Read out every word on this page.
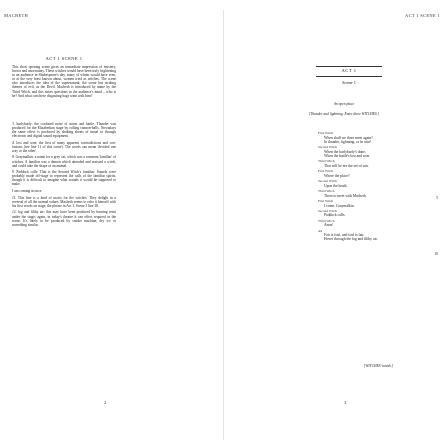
MACBETH
ACT 1 SCENE 1

This short opening scene gives an immediate impression of mystery, horror and uncertainty. These witches would have been truly frightening to an audience in Shakespeare's day, many of whom would have seen, or at the very least known about, women tried as witches. The scene also introduces the idea of the supernatural; the scene has striking themes of evil, as the Devil. Macbeth is introduced by name by the Third Witch, and this raises questions in the audience's mind – who is he? And what can these disgusting hags want with him?

3. hurlyburly: the confused noise of storm and battle. Thunder was produced for the Elizabethan stage by rolling cannon-balls. Nowadays the same effect is produced by shaking sheets of metal or through electronic and digital sound equipment.

4. lost and won: the first of many apparent contradictions and con-fusions (see line 11 of this scene). The words can mean 'decided one way or the other'.

8. Graymalkin: a name for a grey cat, which was a common 'familiar' of witches. A familiar was a demon which attended and assisted a witch, and could take the shape of an animal.

9. Paddock calls: That is the Second Witch's familiar. Sounds were probably made off-stage to represent the calls of the familiar spirits, though it is difficult to imagine what sounds it would be supposed to make.

I am coming at once.

11. This line is a kind of motto for the witches. They delight in a reversal of all the normal values. Macbeth seems to echo it himself with his first words on stage, the phrase in Act 1, Scene 3 line 38.

12. fog and filthy air: this may have been produced by burning resin under the stage; again, in today's theatre it can effect required in the scene. It's likely to be produced by smoke machine, dry ice or something similar.

2
ACT 1 SCENE 1
ACT 1
Scene 1
An open place
[Thunder and lightning. Enter three WITCHES.]
First Witch
When shall we three meet again?
In thunder, lightning, or in rain?
Second Witch
When the hurlyburly's done,
When the battle's lost and won.
Third Witch
That will be ere the set of sun.
First Witch
Where the place?
Second Witch
Upon the heath.
Third Witch
There to meet with Macbeth.
First Witch
I come, Graymalkin.
Second Witch
Paddock calls.
Third Witch
Anon!
All
Fair is foul, and foul is fair,
Hover through the fog and filthy air.
5
10
[WITCHES vanish.]
3
